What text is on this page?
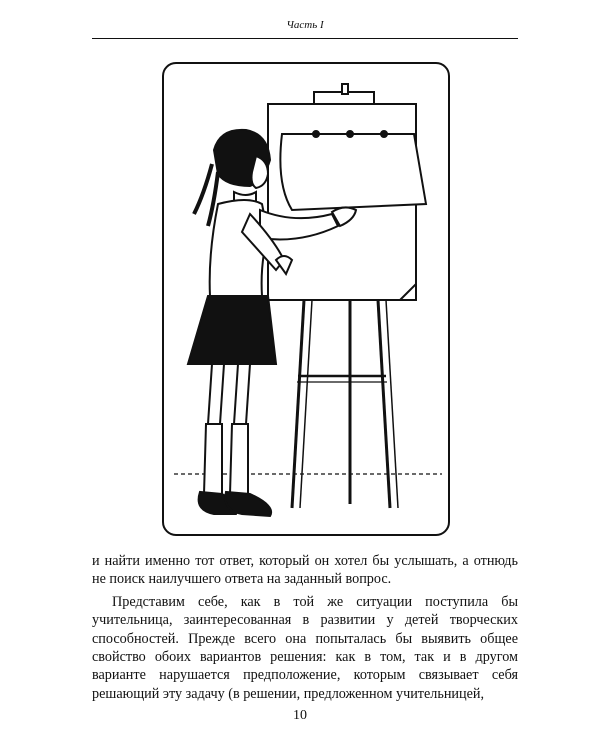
Часть I

и найти именно тот ответ, который он хотел бы услышать, а отнюдь не поиск наилучшего ответа на заданный вопрос.

Представим себе, как в той же ситуации поступила бы учительница, заинтересованная в развитии у детей творческих способностей. Прежде всего она попыталась бы выявить общее свойство обоих вариантов решения: как в том, так и в другом варианте нарушается предположение, которым связывает себя решающий эту задачу (в решении, предложенном учительницей,

10
